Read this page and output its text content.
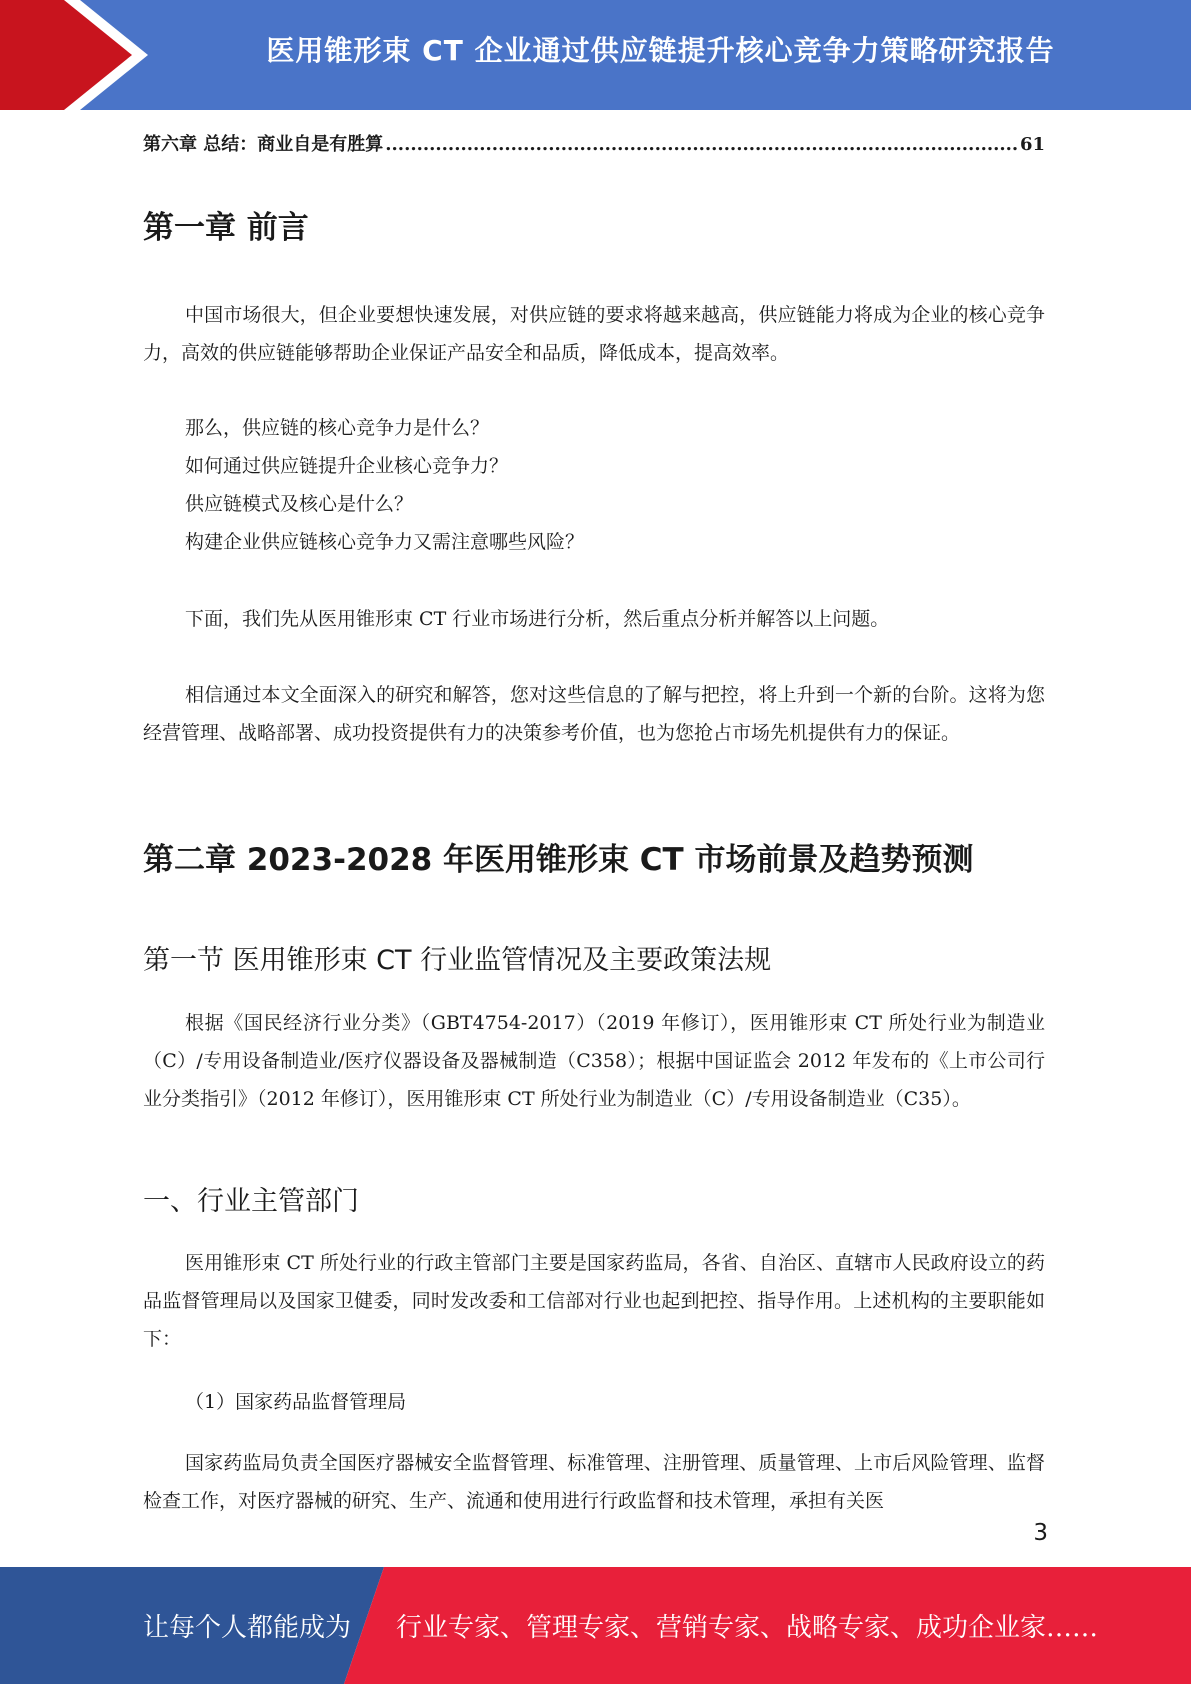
医用锥形束 CT 企业通过供应链提升核心竞争力策略研究报告
第六章 总结：商业自是有胜算
.....	61
第一章 前言

中国市场很大，但企业要想快速发展，对供应链的要求将越来越高，供应链能力将成为企业的核心竞争力，高效的供应链能够帮助企业保证产品安全和品质，降低成本，提高效率。

那么，供应链的核心竞争力是什么？
如何通过供应链提升企业核心竞争力？
供应链模式及核心是什么？
构建企业供应链核心竞争力又需注意哪些风险？

下面，我们先从医用锥形束 CT 行业市场进行分析，然后重点分析并解答以上问题。

相信通过本文全面深入的研究和解答，您对这些信息的了解与把控，将上升到一个新的台阶。这将为您经营管理、战略部署、成功投资提供有力的决策参考价值，也为您抢占市场先机提供有力的保证。

第二章 2023-2028 年医用锥形束 CT 市场前景及趋势预测
第一节 医用锥形束 CT 行业监管情况及主要政策法规

根据《国民经济行业分类》（GBT4754-2017）（2019 年修订），医用锥形束 CT 所处行业为制造业（C）/专用设备制造业/医疗仪器设备及器械制造（C358）；根据中国证监会 2012 年发布的《上市公司行业分类指引》（2012 年修订），医用锥形束 CT 所处行业为制造业（C）/专用设备制造业（C35）。

一、行业主管部门

医用锥形束 CT 所处行业的行政主管部门主要是国家药监局，各省、自治区、直辖市人民政府设立的药品监督管理局以及国家卫健委，同时发改委和工信部对行业也起到把控、指导作用。上述机构的主要职能如下：

（1）国家药品监督管理局

国家药监局负责全国医疗器械安全监督管理、标准管理、注册管理、质量管理、上市后风险管理、监督检查工作，对医疗器械的研究、生产、流通和使用进行行政监督和技术管理，承担有关医

3
让每个人都能成为 行业专家、管理专家、营销专家、战略专家、成功企业家……
